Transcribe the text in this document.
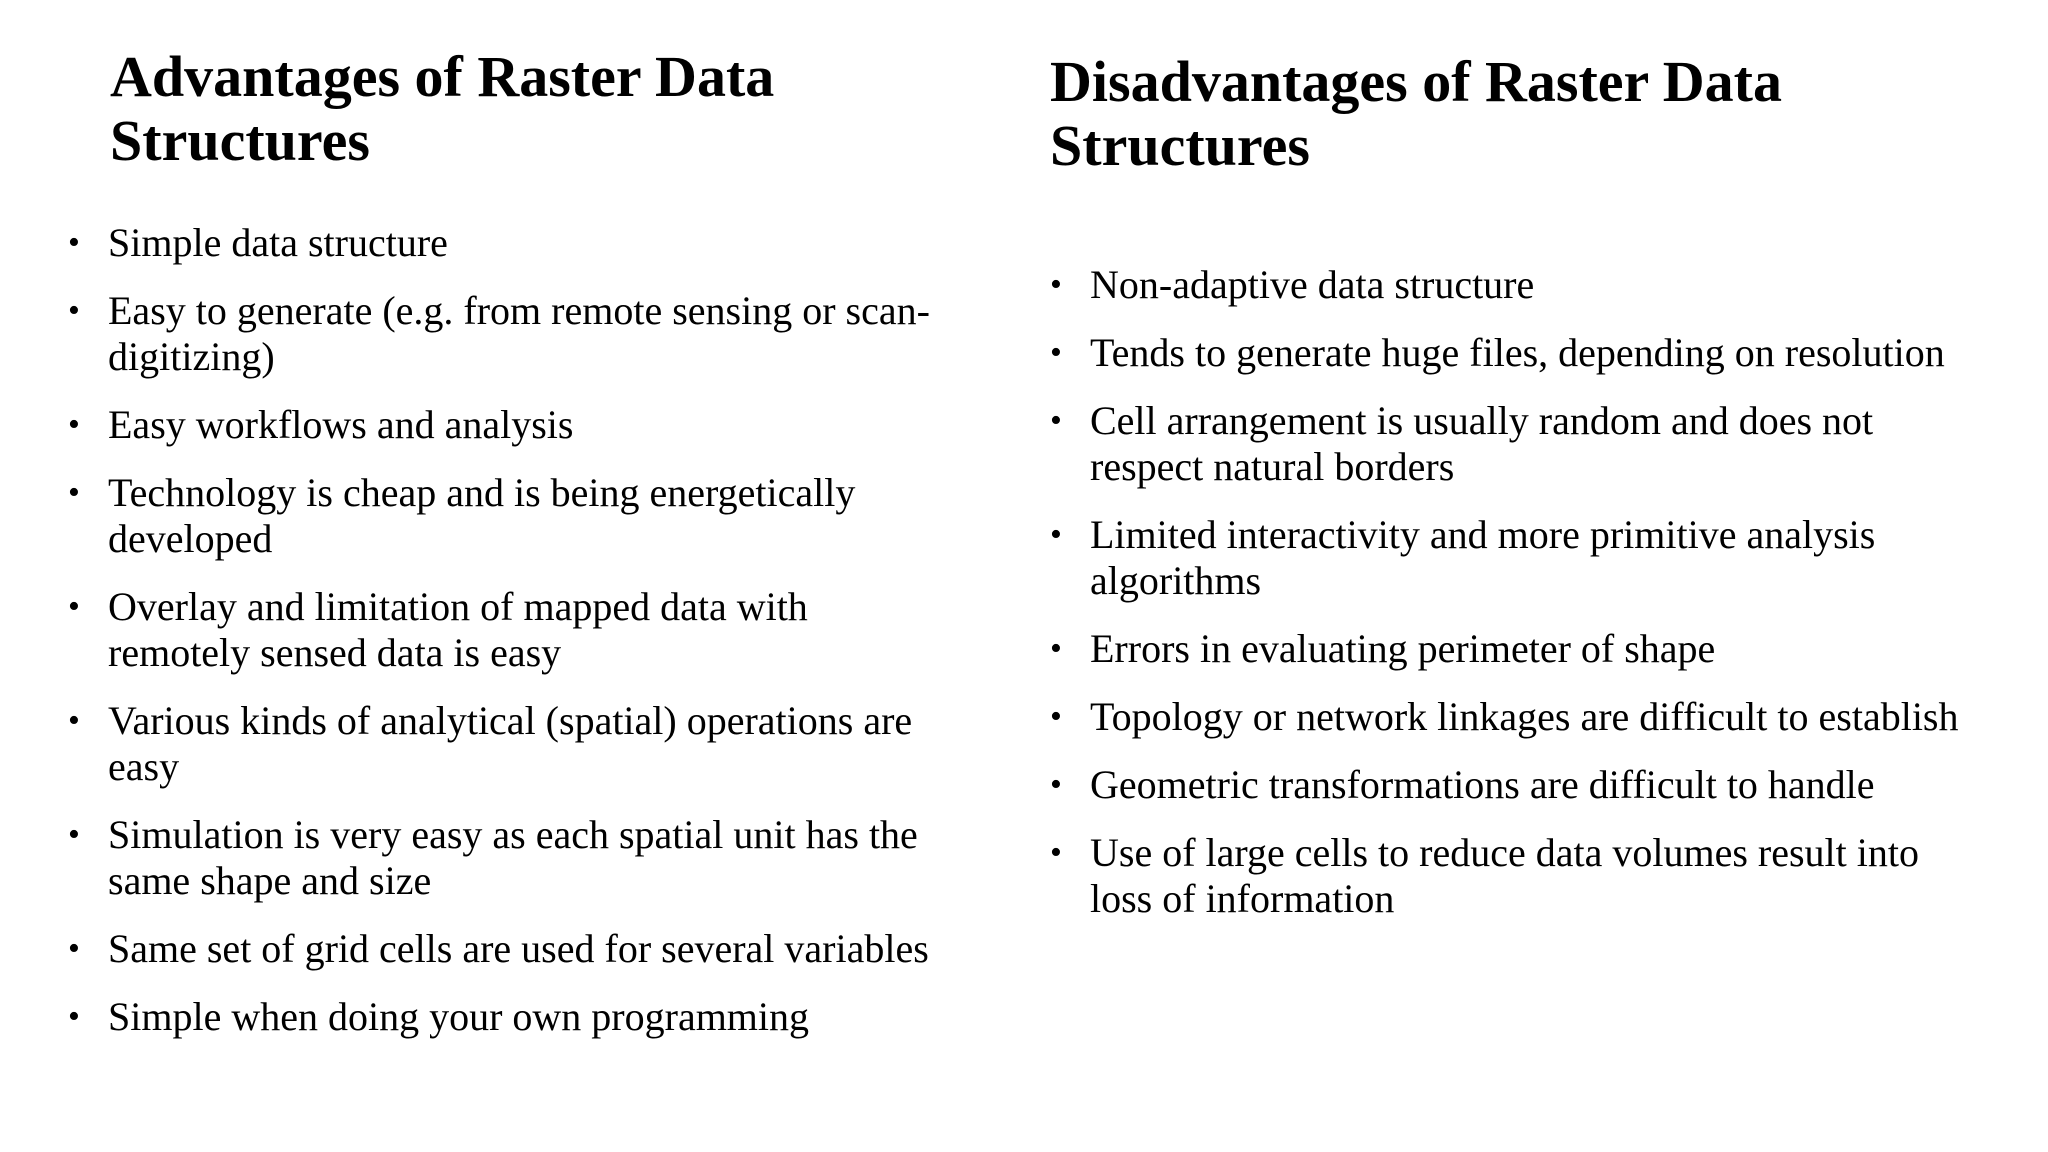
Advantages of Raster Data Structures
• Simple data structure
• Easy to generate (e.g. from remote sensing or scan-digitizing)
• Easy workflows and analysis
• Technology is cheap and is being energetically developed
• Overlay and limitation of mapped data with remotely sensed data is easy
• Various kinds of analytical (spatial) operations are easy
• Simulation is very easy as each spatial unit has the same shape and size
• Same set of grid cells are used for several variables
• Simple when doing your own programming
Disadvantages of Raster Data Structures
• Non-adaptive data structure
• Tends to generate huge files, depending on resolution
• Cell arrangement is usually random and does not respect natural borders
• Limited interactivity and more primitive analysis algorithms
• Errors in evaluating perimeter of shape
• Topology or network linkages are difficult to establish
• Geometric transformations are difficult to handle
• Use of large cells to reduce data volumes result into loss of information
